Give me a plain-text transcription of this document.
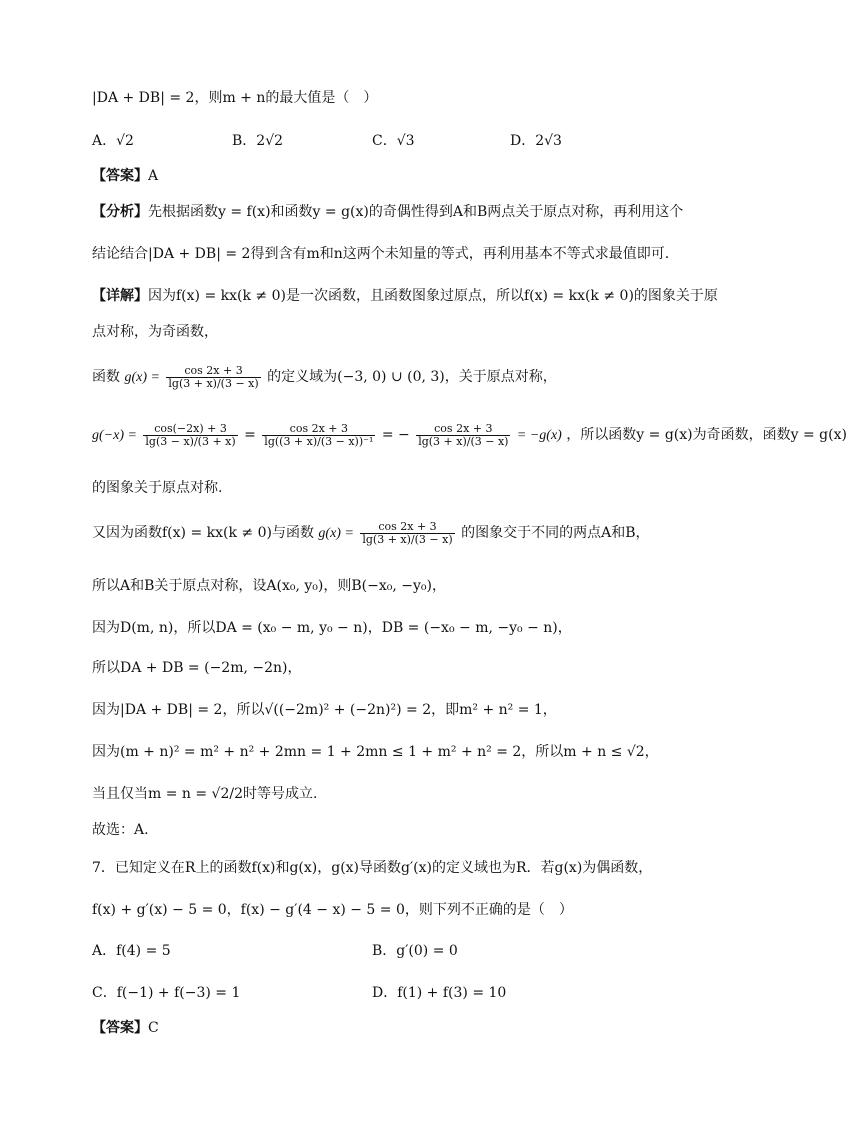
|DA + DB| = 2，则m + n的最大值是（　）
A．√2	B．2√2	C．√3	D．2√3
【答案】A
【分析】先根据函数y = f(x)和函数y = g(x)的奇偶性得到A和B两点关于原点对称，再利用这个
结论结合|DA + DB| = 2得到含有m和n这两个未知量的等式，再利用基本不等式求最值即可.
【详解】因为f(x) = kx(k ≠ 0)是一次函数，且函数图象过原点，所以f(x) = kx(k ≠ 0)的图象关于原
点对称，为奇函数，
函数 $g(x) = \frac{\cos 2x + 3}{\lg(3 + x)/(3 - x)}$ 的定义域为(−3, 0) ∪ (0, 3)，关于原点对称，
$g(-x) = \frac{\cos(-2x) + 3}{\lg(3 - x)/(3 + x)} = \frac{\cos 2x + 3}{\text{lg((3 + x)/(3 − x))⁻¹}}$ = − $\frac{\cos 2x + 3}{\lg(3 + x)/(3 - x)} = -g(x)$ ，所以函数y = g(x)为奇函数，函数y = g(x)
的图象关于原点对称.
又因为函数f(x) = kx(k ≠ 0)与函数 $g(x) = \frac{\cos 2x + 3}{\lg(3 + x)/(3 - x)}$ 的图象交于不同的两点A和B，
所以A和B关于原点对称，设A(x₀, y₀)，则B(−x₀, −y₀)，
因为D(m, n)，所以DA = (x₀ − m, y₀ − n)，DB = (−x₀ − m, −y₀ − n)，
所以DA + DB = (−2m, −2n)，
因为|DA + DB| = 2，所以√((−2m)² + (−2n)²) = 2，即m² + n² = 1，
因为(m + n)² = m² + n² + 2mn = 1 + 2mn ≤ 1 + m² + n² = 2，所以m + n ≤ √2，
当且仅当m = n = √2/2时等号成立.
故选：A.
7．已知定义在R上的函数f(x)和g(x)，g(x)导函数g′(x)的定义域也为R．若g(x)为偶函数，
f(x) + g′(x) − 5 = 0，f(x) − g′(4 − x) − 5 = 0，则下列不正确的是（　）
A．f(4) = 5	B．g′(0) = 0
C．f(−1) + f(−3) = 1	D．f(1) + f(3) = 10
【答案】C
